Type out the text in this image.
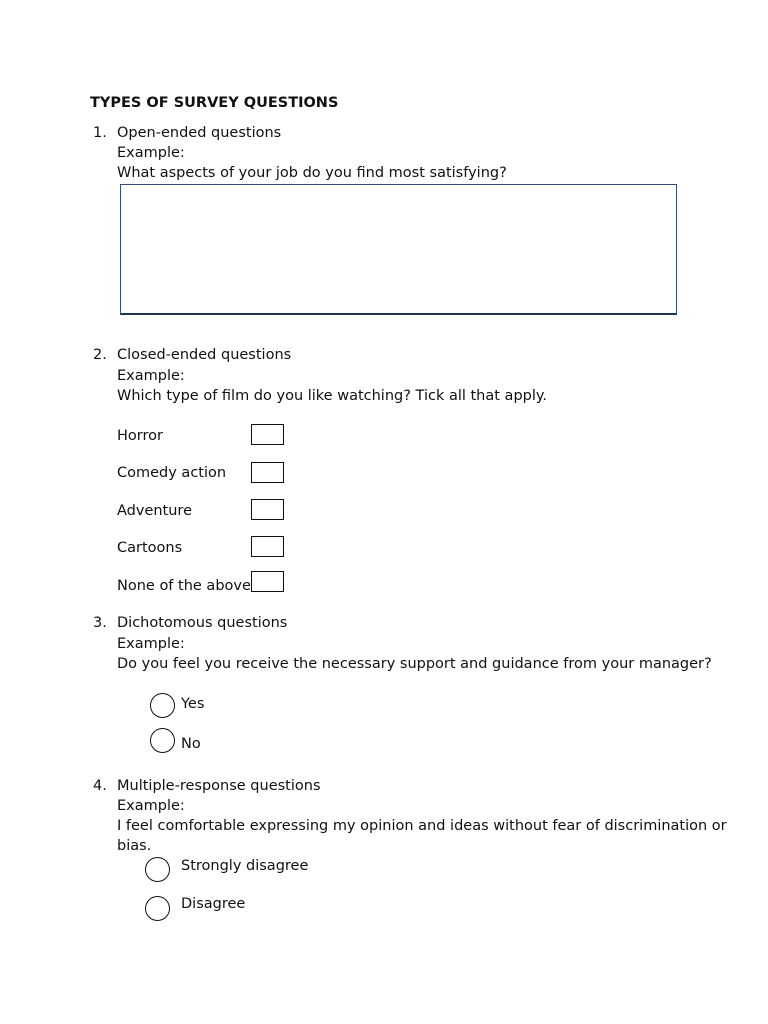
TYPES OF SURVEY QUESTIONS
1. Open-ended questions
Example:
What aspects of your job do you find most satisfying?
2. Closed-ended questions
Example:
Which type of film do you like watching? Tick all that apply.
Horror
Comedy action
Adventure
Cartoons
None of the above
3. Dichotomous questions
Example:
Do you feel you receive the necessary support and guidance from your manager?
Yes
No
4. Multiple-response questions
Example:
I feel comfortable expressing my opinion and ideas without fear of discrimination or
bias.
Strongly disagree
Disagree
